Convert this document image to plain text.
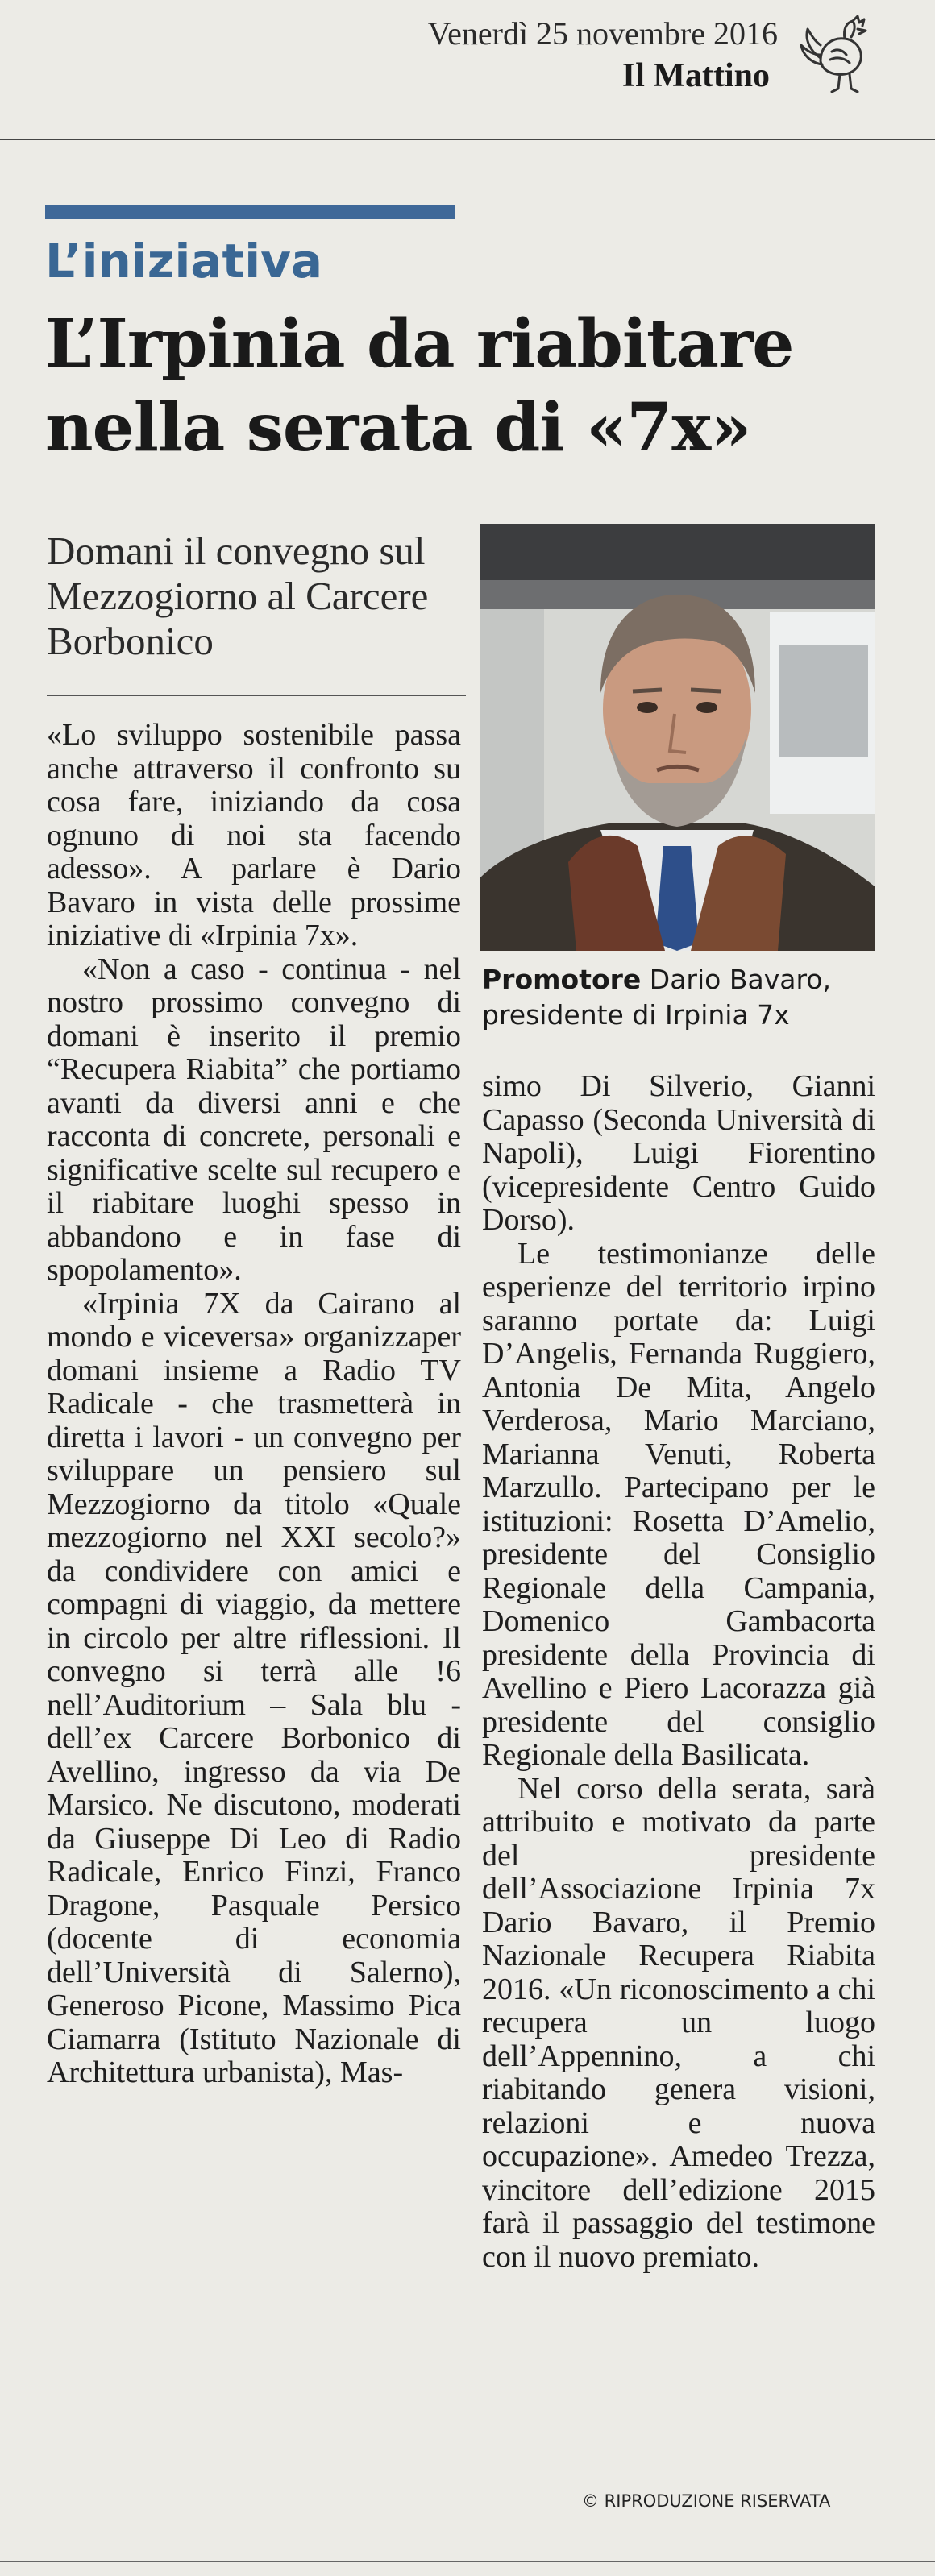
Venerdì 25 novembre 2016
Il Mattino
L’iniziativa
L’Irpinia da riabitare
nella serata di «7x»

Domani il convegno sul Mezzogiorno al Carcere Borbonico

Promotore Dario Bavaro, presidente di Irpinia 7x

«Lo sviluppo sostenibile passa anche attraverso il confronto su cosa fare, iniziando da cosa ognuno di noi sta facendo adesso». A parlare è Dario Bavaro in vista delle prossime iniziative di «Irpinia 7x».

«Non a caso - continua - nel nostro prossimo convegno di domani è inserito il premio “Recupera Riabita” che portiamo avanti da diversi anni e che racconta di concrete, personali e significative scelte sul recupero e il riabitare luoghi spesso in abbandono e in fase di spopolamento».

«Irpinia 7X da Cairano al mondo e viceversa» organizzaper domani insieme a Radio TV Radicale - che trasmetterà in diretta i lavori - un convegno per sviluppare un pensiero sul Mezzogiorno da titolo «Quale mezzogiorno nel XXI secolo?» da condividere con amici e compagni di viaggio, da mettere in circolo per altre riflessioni. Il convegno si terrà alle !6 nell’Auditorium – Sala blu - dell’ex Carcere Borbonico di Avellino, ingresso da via De Marsico. Ne discutono, moderati da Giuseppe Di Leo di Radio Radicale, Enrico Finzi, Franco Dragone, Pasquale Persico (docente di economia dell’Università di Salerno), Generoso Picone, Massimo Pica Ciamarra (Istituto Nazionale di Architettura urbanista), Mas-

simo Di Silverio, Gianni Capasso (Seconda Università di Napoli), Luigi Fiorentino (vicepresidente Centro Guido Dorso).

Le testimonianze delle esperienze del territorio irpino saranno portate da: Luigi D’Angelis, Fernanda Ruggiero, Antonia De Mita, Angelo Verderosa, Mario Marciano, Marianna Venuti, Roberta Marzullo. Partecipano per le istituzioni: Rosetta D’Amelio, presidente del Consiglio Regionale della Campania, Domenico Gambacorta presidente della Provincia di Avellino e Piero Lacorazza già presidente del consiglio Regionale della Basilicata.

Nel corso della serata, sarà attribuito e motivato da parte del presidente dell’Associazione Irpinia 7x Dario Bavaro, il Premio Nazionale Recupera Riabita 2016. «Un riconoscimento a chi recupera un luogo dell’Appennino, a chi riabitando genera visioni, relazioni e nuova occupazione». Amedeo Trezza, vincitore dell’edizione 2015 farà il passaggio del testimone con il nuovo premiato.

© RIPRODUZIONE RISERVATA
